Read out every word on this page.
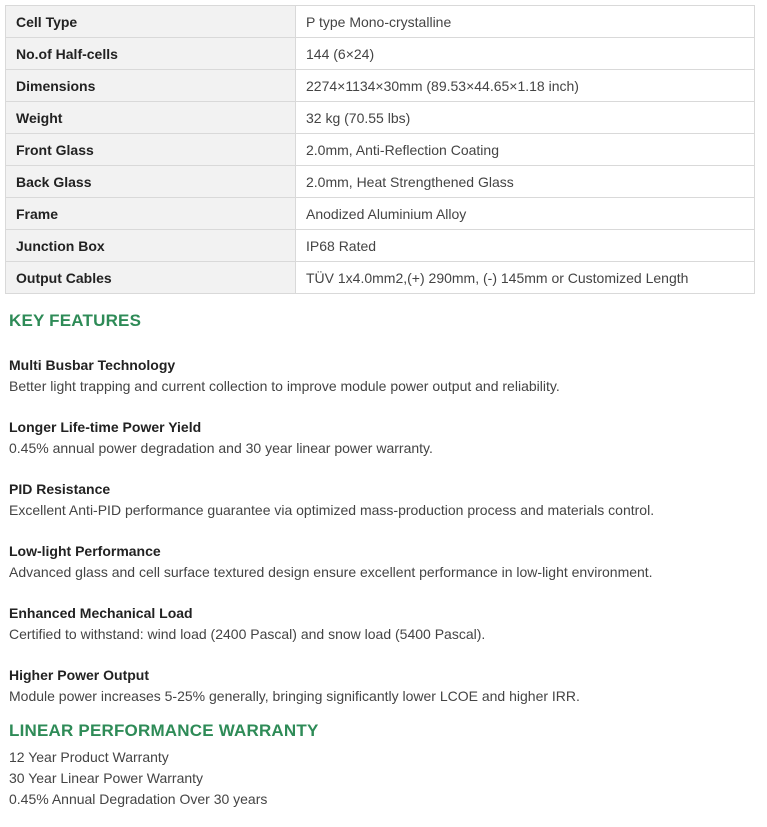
Cell Type	P type Mono-crystalline
No.of Half-cells	144 (6×24)
Dimensions	2274×1134×30mm (89.53×44.65×1.18 inch)
Weight	32 kg (70.55 lbs)
Front Glass	2.0mm, Anti-Reflection Coating
Back Glass	2.0mm, Heat Strengthened Glass
Frame	Anodized Aluminium Alloy
Junction Box	IP68 Rated
Output Cables	TÜV 1x4.0mm2,(+) 290mm, (-) 145mm or Customized Length
KEY FEATURES
Multi Busbar Technology
Better light trapping and current collection to improve module power output and reliability.
Longer Life-time Power Yield
0.45% annual power degradation and 30 year linear power warranty.
PID Resistance
Excellent Anti-PID performance guarantee via optimized mass-production process and materials control.
Low-light Performance
Advanced glass and cell surface textured design ensure excellent performance in low-light environment.
Enhanced Mechanical Load
Certified to withstand: wind load (2400 Pascal) and snow load (5400 Pascal).
Higher Power Output
Module power increases 5-25% generally, bringing significantly lower LCOE and higher IRR.
LINEAR PERFORMANCE WARRANTY
12 Year Product Warranty
30 Year Linear Power Warranty
0.45% Annual Degradation Over 30 years
